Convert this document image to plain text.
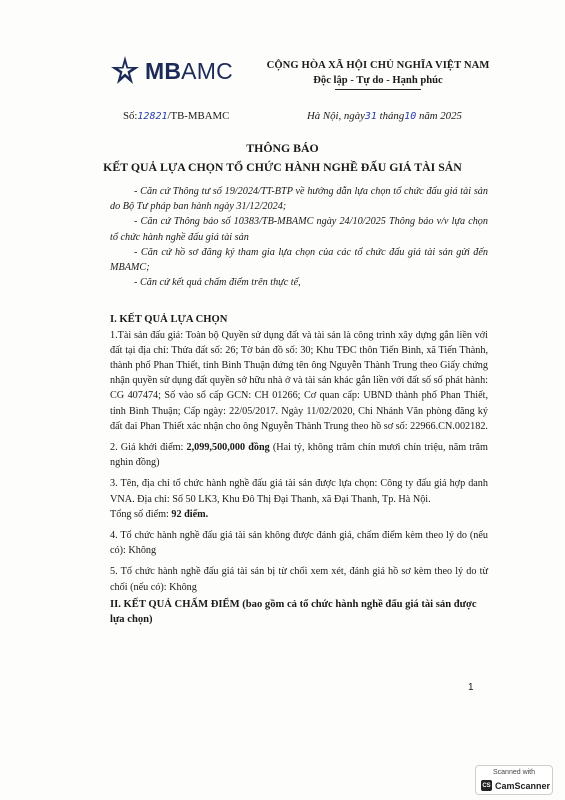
MBAMC	CỘNG HÒA XÃ HỘI CHỦ NGHĨA VIỆT NAM
Độc lập - Tự do - Hạnh phúc
Số:12821/TB-MBAMC	Hà Nội, ngày31 tháng10 năm 2025
THÔNG BÁO
KẾT QUẢ LỰA CHỌN TỔ CHỨC HÀNH NGHỀ ĐẤU GIÁ TÀI SẢN

- Căn cứ Thông tư số 19/2024/TT-BTP về hướng dẫn lựa chọn tổ chức đấu giá tài sản do Bộ Tư pháp ban hành ngày 31/12/2024;

- Căn cứ Thông báo số 10383/TB-MBAMC ngày 24/10/2025 Thông báo v/v lựa chọn tổ chức hành nghề đấu giá tài sản

- Căn cứ hồ sơ đăng ký tham gia lựa chọn của các tổ chức đấu giá tài sản gửi đến MBAMC;

- Căn cứ kết quả chấm điểm trên thực tế,

I. KẾT QUẢ LỰA CHỌN

1.Tài sản đấu giá: Toàn bộ Quyền sử dụng đất và tài sản là công trình xây dựng gắn liền với đất tại địa chỉ: Thửa đất số: 26; Tờ bản đồ số: 30; Khu TĐC thôn Tiến Bình, xã Tiến Thành, thành phố Phan Thiết, tỉnh Bình Thuận đứng tên ông Nguyễn Thành Trung theo Giấy chứng nhận quyền sử dụng đất quyền sở hữu nhà ở và tài sản khác gắn liền với đất số số phát hành: CG 407474; Số vào sổ cấp GCN: CH 01266; Cơ quan cấp: UBND thành phố Phan Thiết, tỉnh Bình Thuận; Cấp ngày: 22/05/2017. Ngày 11/02/2020, Chi Nhánh Văn phòng đăng ký đất đai Phan Thiết xác nhận cho ông Nguyễn Thành Trung theo hồ sơ số: 22966.CN.002182.

2. Giá khởi điểm: 2,099,500,000 đồng (Hai tỷ, không trăm chín mươi chín triệu, năm trăm nghìn đồng)

3. Tên, địa chỉ tổ chức hành nghề đấu giá tài sản được lựa chọn: Công ty đấu giá hợp danh VNA. Địa chỉ: Số 50 LK3, Khu Đô Thị Đại Thanh, xã Đại Thanh, Tp. Hà Nội.

Tổng số điểm: 92 điểm.

4. Tổ chức hành nghề đấu giá tài sản không được đánh giá, chấm điểm kèm theo lý do (nếu có): Không

5. Tổ chức hành nghề đấu giá tài sản bị từ chối xem xét, đánh giá hồ sơ kèm theo lý do từ chối (nếu có): Không

II. KẾT QUẢ CHẤM ĐIỂM (bao gồm cả tổ chức hành nghề đấu giá tài sản được lựa chọn)

1
Scanned with
CS CamScanner
